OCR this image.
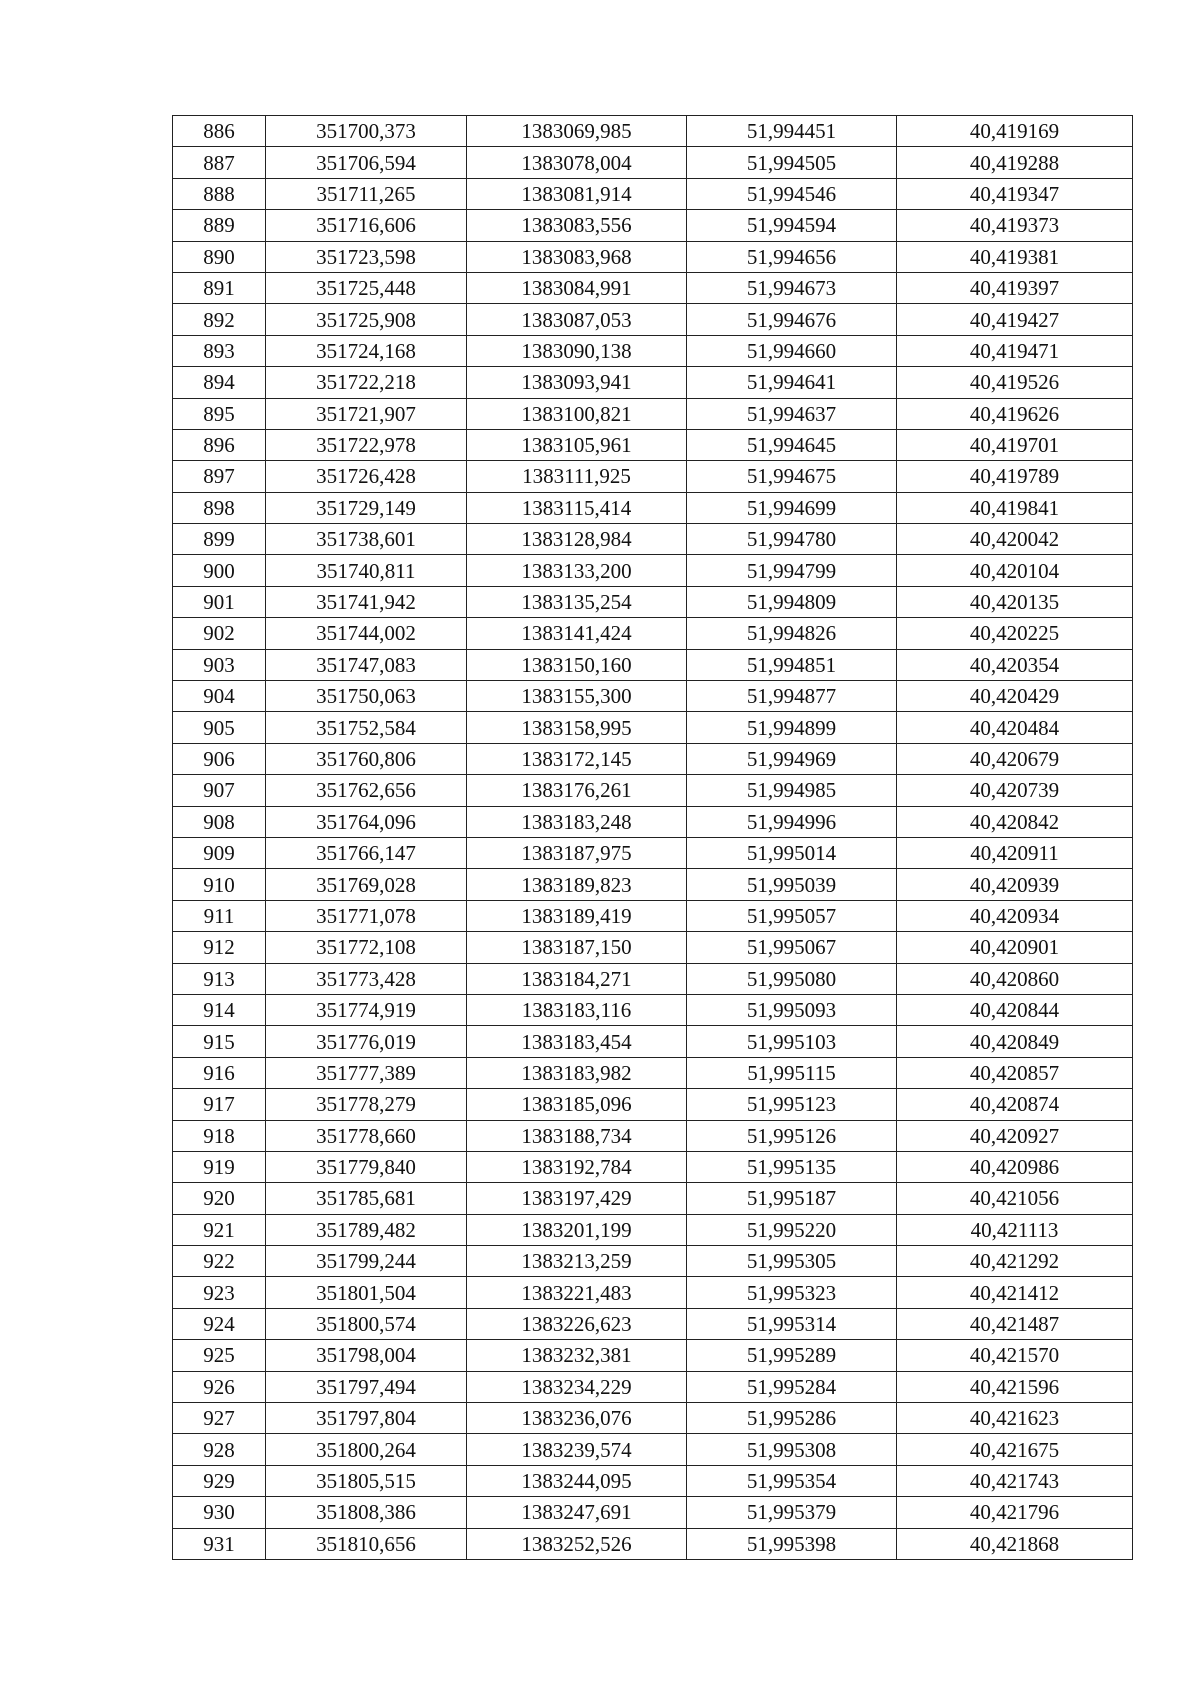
886	351700,373	1383069,985	51,994451	40,419169
887	351706,594	1383078,004	51,994505	40,419288
888	351711,265	1383081,914	51,994546	40,419347
889	351716,606	1383083,556	51,994594	40,419373
890	351723,598	1383083,968	51,994656	40,419381
891	351725,448	1383084,991	51,994673	40,419397
892	351725,908	1383087,053	51,994676	40,419427
893	351724,168	1383090,138	51,994660	40,419471
894	351722,218	1383093,941	51,994641	40,419526
895	351721,907	1383100,821	51,994637	40,419626
896	351722,978	1383105,961	51,994645	40,419701
897	351726,428	1383111,925	51,994675	40,419789
898	351729,149	1383115,414	51,994699	40,419841
899	351738,601	1383128,984	51,994780	40,420042
900	351740,811	1383133,200	51,994799	40,420104
901	351741,942	1383135,254	51,994809	40,420135
902	351744,002	1383141,424	51,994826	40,420225
903	351747,083	1383150,160	51,994851	40,420354
904	351750,063	1383155,300	51,994877	40,420429
905	351752,584	1383158,995	51,994899	40,420484
906	351760,806	1383172,145	51,994969	40,420679
907	351762,656	1383176,261	51,994985	40,420739
908	351764,096	1383183,248	51,994996	40,420842
909	351766,147	1383187,975	51,995014	40,420911
910	351769,028	1383189,823	51,995039	40,420939
911	351771,078	1383189,419	51,995057	40,420934
912	351772,108	1383187,150	51,995067	40,420901
913	351773,428	1383184,271	51,995080	40,420860
914	351774,919	1383183,116	51,995093	40,420844
915	351776,019	1383183,454	51,995103	40,420849
916	351777,389	1383183,982	51,995115	40,420857
917	351778,279	1383185,096	51,995123	40,420874
918	351778,660	1383188,734	51,995126	40,420927
919	351779,840	1383192,784	51,995135	40,420986
920	351785,681	1383197,429	51,995187	40,421056
921	351789,482	1383201,199	51,995220	40,421113
922	351799,244	1383213,259	51,995305	40,421292
923	351801,504	1383221,483	51,995323	40,421412
924	351800,574	1383226,623	51,995314	40,421487
925	351798,004	1383232,381	51,995289	40,421570
926	351797,494	1383234,229	51,995284	40,421596
927	351797,804	1383236,076	51,995286	40,421623
928	351800,264	1383239,574	51,995308	40,421675
929	351805,515	1383244,095	51,995354	40,421743
930	351808,386	1383247,691	51,995379	40,421796
931	351810,656	1383252,526	51,995398	40,421868
